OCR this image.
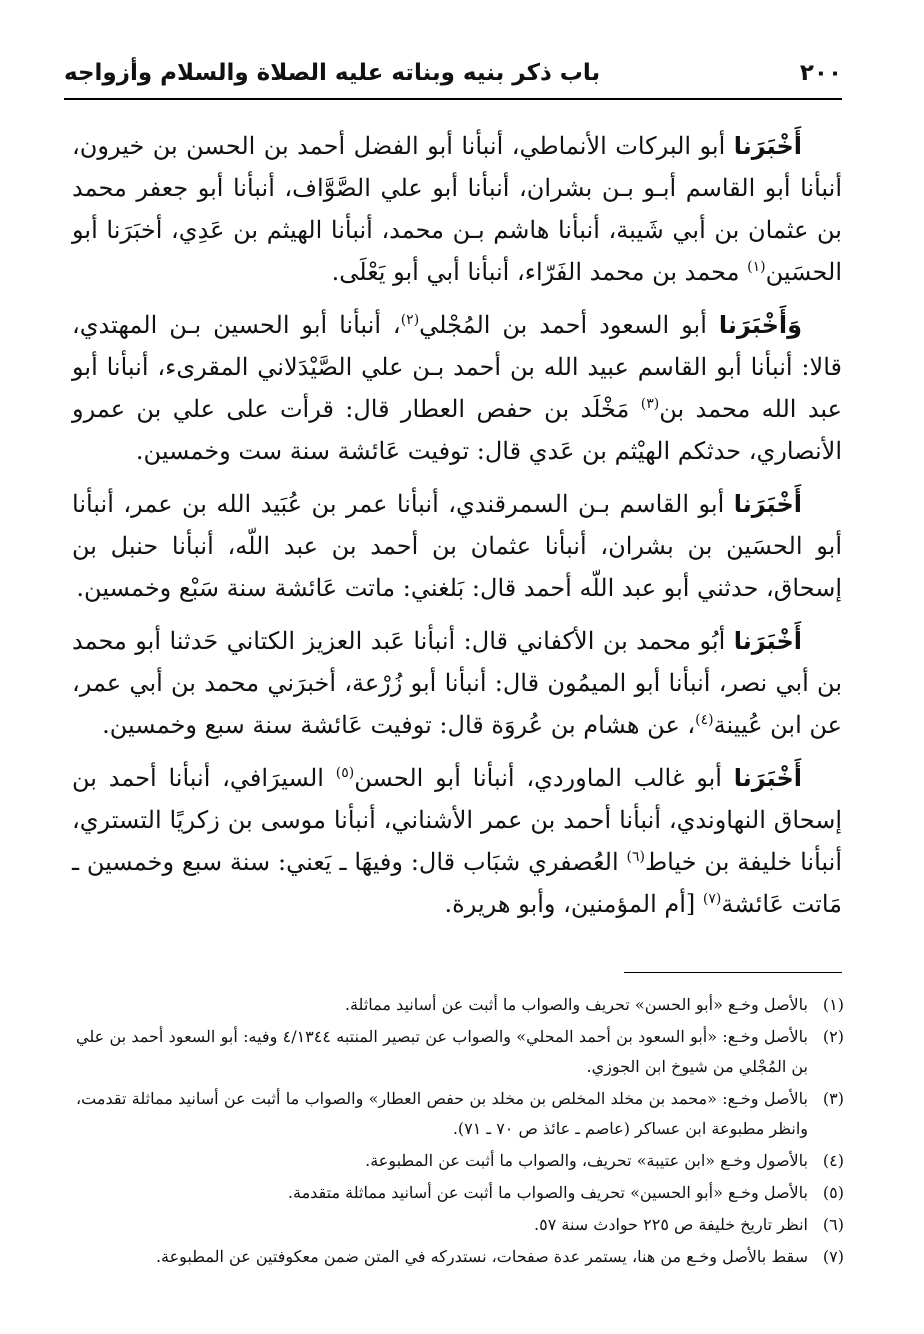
٢٠٠
باب ذكر بنيه وبناته عليه الصلاة والسلام وأزواجه

أَخْبَرَنا أبو البركات الأنماطي، أنبأنا أبو الفضل أحمد بن الحسن بن خيرون، أنبأنا أبو القاسم أبـو بـن بشران، أنبأنا أبو علي الصَّوَّاف، أنبأنا أبو جعفر محمد بن عثمان بن أبي شَيبة، أنبأنا هاشم بـن محمد، أنبأنا الهيثم بن عَدِي، أخبَرَنا أبو الحسَين$^{(١)}$ محمد بن محمد الفَرّاء، أنبأنا أبي أبو يَعْلَى.

وَأَخْبَرَنا أبو السعود أحمد بن المُجْلي$^{(٢)}$، أنبأنا أبو الحسين بـن المهتدي، قالا: أنبأنا أبو القاسم عبيد الله بن أحمد بـن علي الصَّيْدَلاني المقرىء، أنبأنا أبو عبد الله محمد بن$^{(٣)}$ مَخْلَد بن حفص العطار قال: قرأت على علي بن عمرو الأنصاري، حدثكم الهيْثم بن عَدي قال: توفيت عَائشة سنة ست وخمسين.

أَخْبَرَنا أبو القاسم بـن السمرقندي، أنبأنا عمر بن عُبَيد الله بن عمر، أنبأنا أبو الحسَين بن بشران، أنبأنا عثمان بن أحمد بن عبد اللّه، أنبأنا حنبل بن إسحاق، حدثني أبو عبد اللّه أحمد قال: بَلغني: ماتت عَائشة سنة سَبْع وخمسين.

أَخْبَرَنا أبُو محمد بن الأكفاني قال: أنبأنا عَبد العزيز الكتاني حَدثنا أبو محمد بن أبي نصر، أنبأنا أبو الميمُون قال: أنبأنا أبو زُرْعة، أخبرَني محمد بن أبي عمر، عن ابن عُيينة$^{(٤)}$، عن هشام بن عُروَة قال: توفيت عَائشة سنة سبع وخمسين.

أَخْبَرَنا أبو غالب الماوردي، أنبأنا أبو الحسن$^{(٥)}$ السيرَافي، أنبأنا أحمد بن إسحاق النهاوندي، أنبأنا أحمد بن عمر الأشناني، أنبأنا موسى بن زكريًا التستري، أنبأنا خليفة بن خياط$^{(٦)}$ العُصفري شبَاب قال: وفيهَا ـ يَعني: سنة سبع وخمسين ـ مَاتت عَائشة$^{(٧)}$ [أم المؤمنين، وأبو هريرة.

(١)
بالأصل وخـع «أبو الحسن» تحريف والصواب ما أثبت عن أسانيد مماثلة.
(٢)
بالأصل وخـع: «أبو السعود بن أحمد المحلي» والصواب عن تبصير المنتبه ٤/١٣٤٤ وفيه: أبو السعود أحمد بن علي بن المُجْلي من شيوخ ابن الجوزي.
(٣)
بالأصل وخـع: «محمد بن مخلد المخلص بن مخلد بن حفص العطار» والصواب ما أثبت عن أسانيد مماثلة تقدمت، وانظر مطبوعة ابن عساكر (عاصم ـ عائذ ص ٧٠ ـ ٧١).
(٤)
بالأصول وخـع «ابن عتيبة» تحريف، والصواب ما أثبت عن المطبوعة.
(٥)
بالأصل وخـع «أبو الحسين» تحريف والصواب ما أثبت عن أسانيد مماثلة متقدمة.
(٦)
انظر تاريخ خليفة ص ٢٢٥ حوادث سنة ٥٧.
(٧)
سقط بالأصل وخـع من هنا، يستمر عدة صفحات، نستدركه في المتن ضمن معكوفتين عن المطبوعة.
